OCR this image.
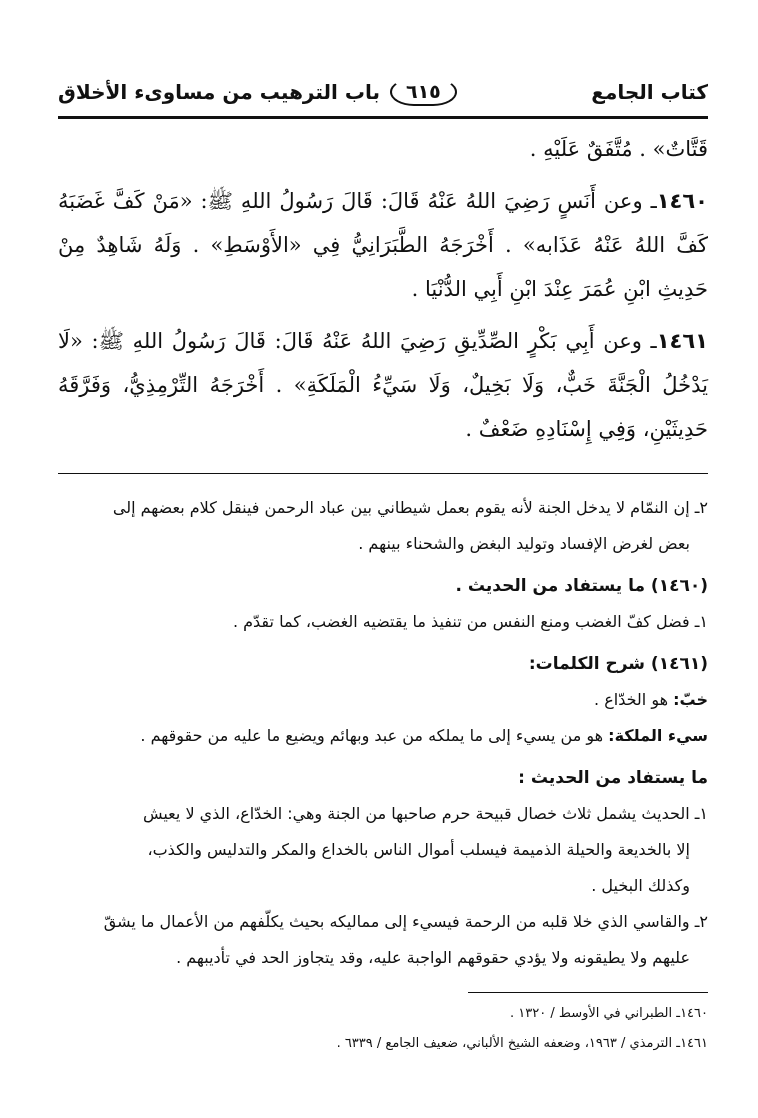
كتاب الجامع
٦١٥
باب الترهيب من مساوىء الأخلاق

قَتَّاتٌ» . مُتَّفَقٌ عَلَيْهِ .

١٤٦٠ـ وعن أَنَسٍ رَضِيَ اللهُ عَنْهُ قَالَ: قَالَ رَسُولُ اللهِ ﷺ: «مَنْ كَفَّ غَضَبَهُ كَفَّ اللهُ عَنْهُ عَذَابه» . أَخْرَجَهُ الطَّبَرَانِيُّ فِي «الأَوْسَطِ» . وَلَهُ شَاهِدٌ مِنْ حَدِيثِ ابْنِ عُمَرَ عِنْدَ ابْنِ أَبِي الدُّنْيَا .

١٤٦١ـ وعن أَبِي بَكْرٍ الصِّدِّيقِ رَضِيَ اللهُ عَنْهُ قَالَ: قَالَ رَسُولُ اللهِ ﷺ: «لَا يَدْخُلُ الْجَنَّةَ خَبٌّ، وَلَا بَخِيلٌ، وَلَا سَيِّءُ الْمَلَكَةِ» . أَخْرَجَهُ التِّرْمِذِيُّ، وَفَرَّقَهُ حَدِيثَيْنِ، وَفِي إِسْنَادِهِ ضَعْفٌ .

٢ـ إن النمّام لا يدخل الجنة لأنه يقوم بعمل شيطاني بين عباد الرحمن فينقل كلام بعضهم إلى

بعض لغرض الإفساد وتوليد البغض والشحناء بينهم .

(١٤٦٠) ما يستفاد من الحديث .

١ـ فضل كفّ الغضب ومنع النفس من تنفيذ ما يقتضيه الغضب، كما تقدّم .

(١٤٦١) شرح الكلمات:

خبّ: هو الخدّاع .

سيء الملكة: هو من يسيء إلى ما يملكه من عبد وبهائم ويضيع ما عليه من حقوقهم .

ما يستفاد من الحديث :

١ـ الحديث يشمل ثلاث خصال قبيحة حرم صاحبها من الجنة وهي: الخدّاع، الذي لا يعيش

إلا بالخديعة والحيلة الذميمة فيسلب أموال الناس بالخداع والمكر والتدليس والكذب،

وكذلك البخيل .

٢ـ والقاسي الذي خلا قلبه من الرحمة فيسيء إلى مماليكه بحيث يكلّفهم من الأعمال ما يشقّ

عليهم ولا يطيقونه ولا يؤدي حقوقهم الواجبة عليه، وقد يتجاوز الحد في تأديبهم .

١٤٦٠ـ الطبراني في الأوسط / ١٣٢٠ .

١٤٦١ـ الترمذي / ١٩٦٣، وضعفه الشيخ الألباني، ضعيف الجامع / ٦٣٣٩ .
